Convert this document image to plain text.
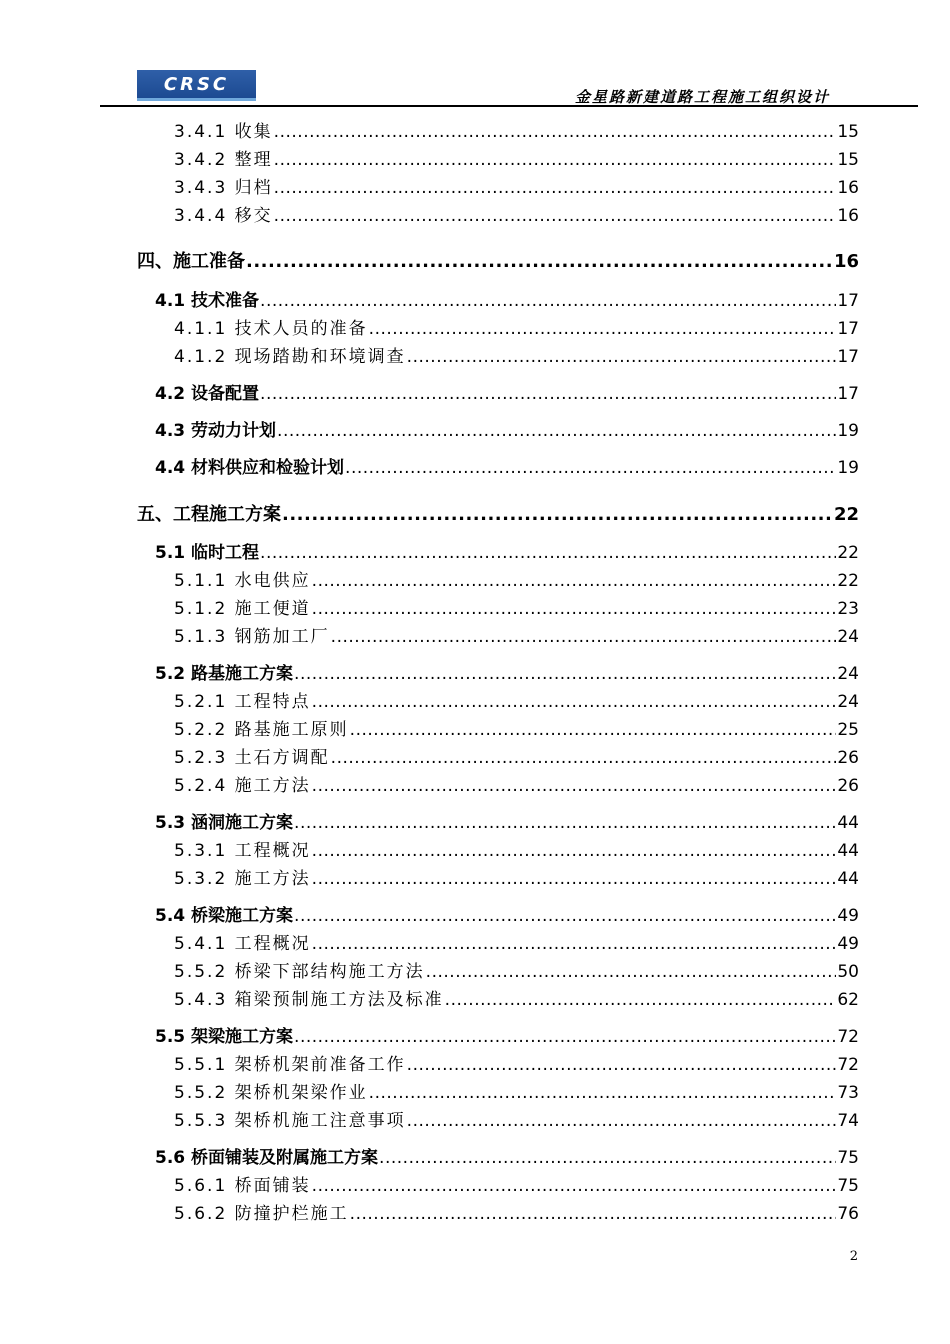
CRSC
金星路新建道路工程施工组织设计
3.4.1 收集 .....	15
3.4.2 整理 .....	15
3.4.3 归档 .....	16
3.4.4 移交 .....	16
四、施工准备 .....	16
4.1 技术准备 .....	17
4.1.1 技术人员的准备 .....	17
4.1.2 现场踏勘和环境调查 .....	17
4.2 设备配置 .....	17
4.3 劳动力计划 .....	19
4.4 材料供应和检验计划 .....	19
五、工程施工方案 .....	22
5.1 临时工程 .....	22
5.1.1 水电供应 .....	22
5.1.2 施工便道 .....	23
5.1.3 钢筋加工厂 .....	24
5.2 路基施工方案 .....	24
5.2.1 工程特点 .....	24
5.2.2 路基施工原则 .....	25
5.2.3 土石方调配 .....	26
5.2.4 施工方法 .....	26
5.3 涵洞施工方案 .....	44
5.3.1 工程概况 .....	44
5.3.2 施工方法 .....	44
5.4 桥梁施工方案 .....	49
5.4.1 工程概况 .....	49
5.5.2 桥梁下部结构施工方法 .....	50
5.4.3 箱梁预制施工方法及标准 .....	62
5.5 架梁施工方案 .....	72
5.5.1 架桥机架前准备工作 .....	72
5.5.2 架桥机架梁作业 .....	73
5.5.3 架桥机施工注意事项 .....	74
5.6 桥面铺装及附属施工方案 .....	75
5.6.1 桥面铺装 .....	75
5.6.2 防撞护栏施工 .....	76
2
